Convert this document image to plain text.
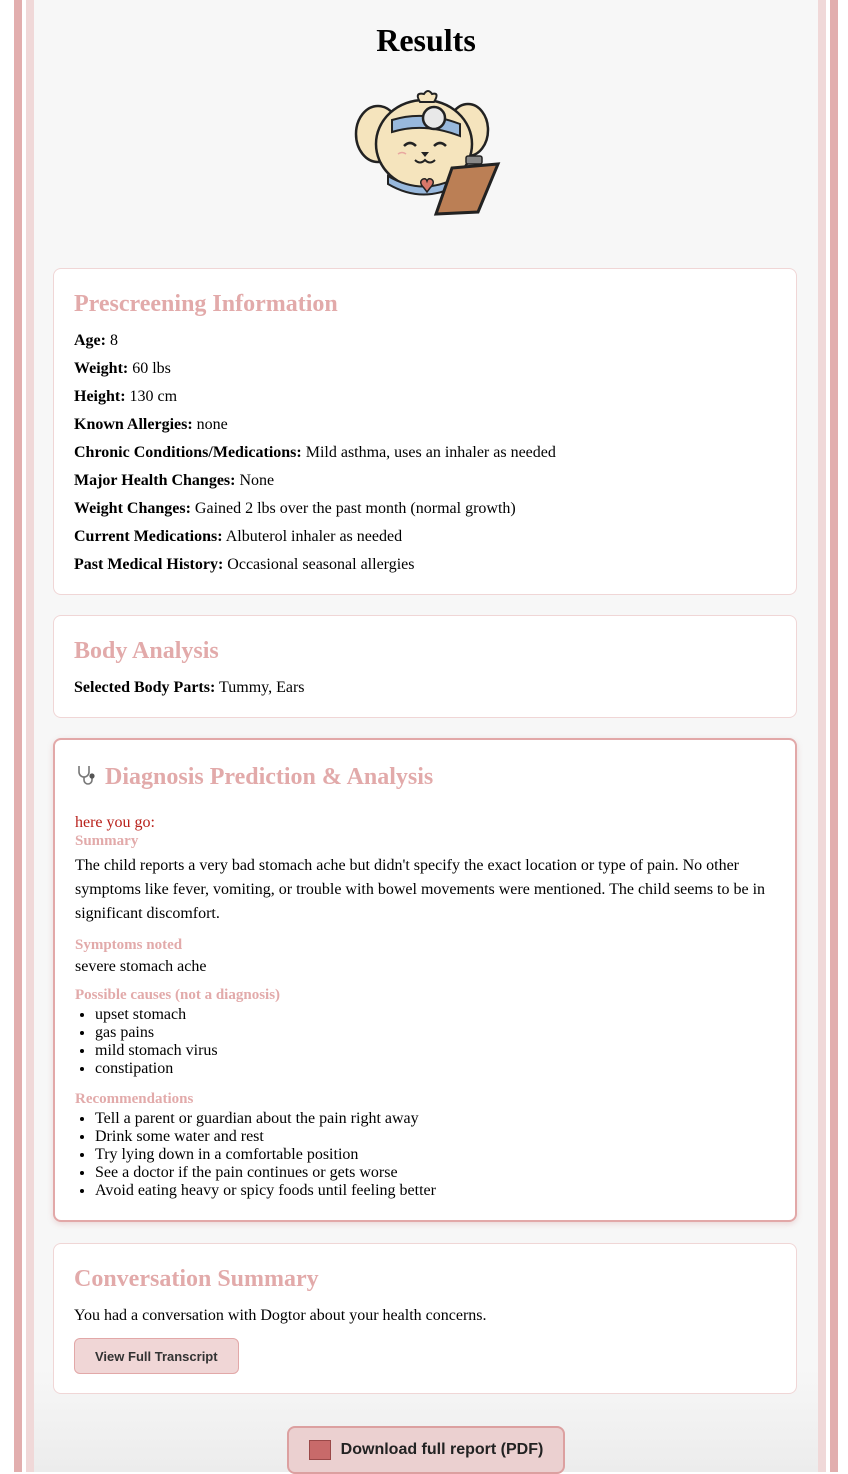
Results
Prescreening Information
Age: 8
Weight: 60 lbs
Height: 130 cm
Known Allergies: none
Chronic Conditions/Medications: Mild asthma, uses an inhaler as needed
Major Health Changes: None
Weight Changes: Gained 2 lbs over the past month (normal growth)
Current Medications: Albuterol inhaler as needed
Past Medical History: Occasional seasonal allergies
Body Analysis
Selected Body Parts: Tummy, Ears
Diagnosis Prediction & Analysis
here you go:
Summary
The child reports a very bad stomach ache but didn't specify the exact location or type of pain. No other symptoms like fever, vomiting, or trouble with bowel movements were mentioned. The child seems to be in significant discomfort.
Symptoms noted
severe stomach ache
Possible causes (not a diagnosis)
• upset stomach
• gas pains
• mild stomach virus
• constipation
Recommendations
• Tell a parent or guardian about the pain right away
• Drink some water and rest
• Try lying down in a comfortable position
• See a doctor if the pain continues or gets worse
• Avoid eating heavy or spicy foods until feeling better
Conversation Summary
You had a conversation with Dogtor about your health concerns.
View Full Transcript
Download full report (PDF)
